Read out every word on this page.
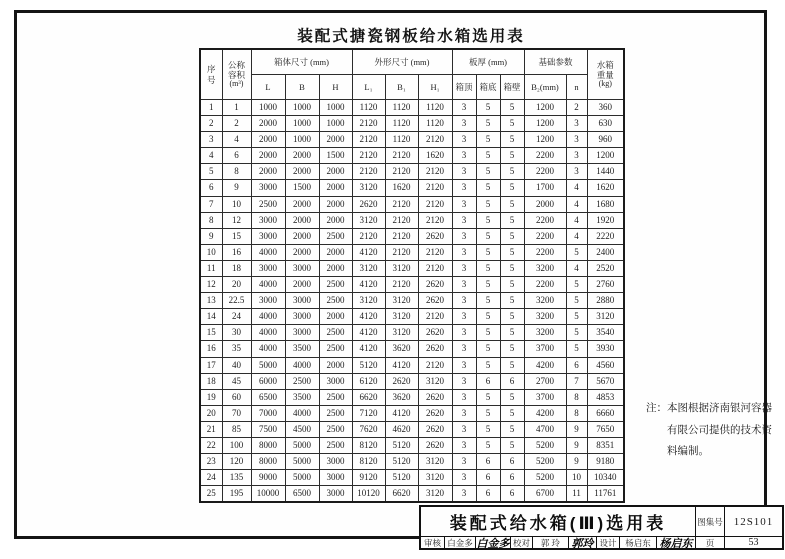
装配式搪瓷钢板给水箱选用表
序号	公称容积
(m³)	箱体尺寸 (mm)			外形尺寸 (mm)			板厚 (mm)			基础参数		水箱重量
(kg)

		L	B	H	L₁	B₁	H₁	箱顶	箱底	箱壁	B₂(mm)	n	
1	1	1000	1000	1000	1120	1120	1120	3	5	5	1200	2	360
2	2	2000	1000	1000	2120	1120	1120	3	5	5	1200	3	630
3	4	2000	1000	2000	2120	1120	2120	3	5	5	1200	3	960
4	6	2000	2000	1500	2120	2120	1620	3	5	5	2200	3	1200
5	8	2000	2000	2000	2120	2120	2120	3	5	5	2200	3	1440
6	9	3000	1500	2000	3120	1620	2120	3	5	5	1700	4	1620
7	10	2500	2000	2000	2620	2120	2120	3	5	5	2000	4	1680
8	12	3000	2000	2000	3120	2120	2120	3	5	5	2200	4	1920
9	15	3000	2000	2500	2120	2120	2620	3	5	5	2200	4	2220
10	16	4000	2000	2000	4120	2120	2120	3	5	5	2200	5	2400
11	18	3000	3000	2000	3120	3120	2120	3	5	5	3200	4	2520
12	20	4000	2000	2500	4120	2120	2620	3	5	5	2200	5	2760
13	22.5	3000	3000	2500	3120	3120	2620	3	5	5	3200	5	2880
14	24	4000	3000	2000	4120	3120	2120	3	5	5	3200	5	3120
15	30	4000	3000	2500	4120	3120	2620	3	5	5	3200	5	3540
16	35	4000	3500	2500	4120	3620	2620	3	5	5	3700	5	3930
17	40	5000	4000	2000	5120	4120	2120	3	5	5	4200	6	4560
18	45	6000	2500	3000	6120	2620	3120	3	6	6	2700	7	5670
19	60	6500	3500	2500	6620	3620	2620	3	5	5	3700	8	4853
20	70	7000	4000	2500	7120	4120	2620	3	5	5	4200	8	6660
21	85	7500	4500	2500	7620	4620	2620	3	5	5	4700	9	7650
22	100	8000	5000	2500	8120	5120	2620	3	5	5	5200	9	8351
23	120	8000	5000	3000	8120	5120	3120	3	6	6	5200	9	9180
24	135	9000	5000	3000	9120	5120	3120	3	6	6	5200	10	10340
25	195	10000	6500	3000	10120	6620	3120	3	6	6	6700	11	11761
注： 本图根据济南银河容器
有限公司提供的技术资
料编制。
装配式给水箱(Ⅲ)选用表	图集号 12S101
审核 白金多 白金多 校对	郭 玲	郭玲 设计	杨启东 杨启东	页	53
